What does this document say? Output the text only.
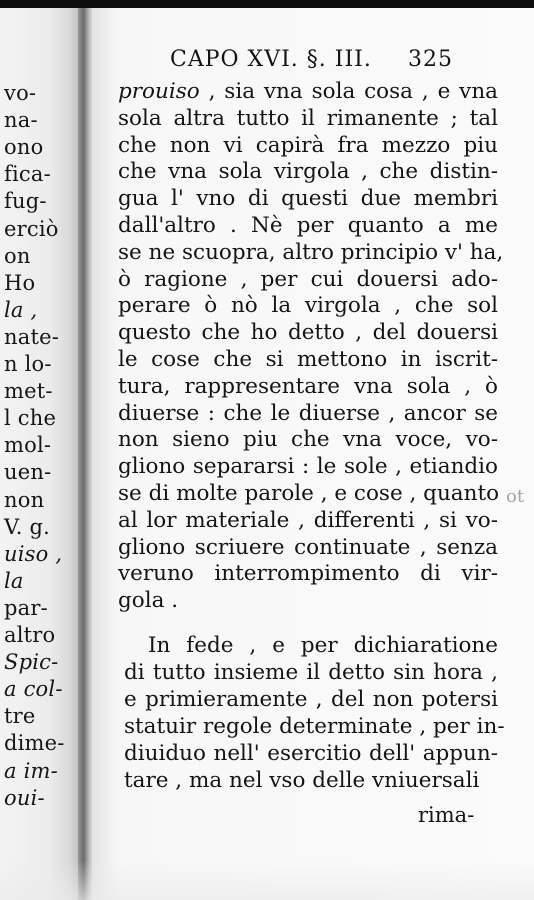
vo-
na-
ono
fica-
fug-
erciò
on
Ho
la ,
nate-
n lo-
met-
l che
mol-
uen-
non
V. g.
uiso ,
la
par-
altro
Spic-
a col-
tre
dime-
a im-
oui-
CAPO XVI. §. III. 325
prouiso , sia vna sola cosa , e vna
sola altra tutto il rimanente ; tal
che non vi capirà fra mezzo piu
che vna sola virgola , che distin-
gua l' vno di questi due membri
dall'altro . Nè per quanto a me
se ne scuopra, altro principio v' ha,
ò ragione , per cui douersi ado-
perare ò nò la virgola , che sol
questo che ho detto , del douersi
le cose che si mettono in iscrit-
tura, rappresentare vna sola , ò
diuerse : che le diuerse , ancor se
non sieno piu che vna voce, vo-
gliono separarsi : le sole , etiandio
se di molte parole , e cose , quanto
al lor materiale , differenti , si vo-
gliono scriuere continuate , senza
veruno interrompimento di vir-
gola .
In fede , e per dichiaratione
di tutto insieme il detto sin hora ,
e primieramente , del non potersi
statuir regole determinate , per in-
diuiduo nell' esercitio dell' appun-
tare , ma nel vso delle vniuersali
rima-
ot
